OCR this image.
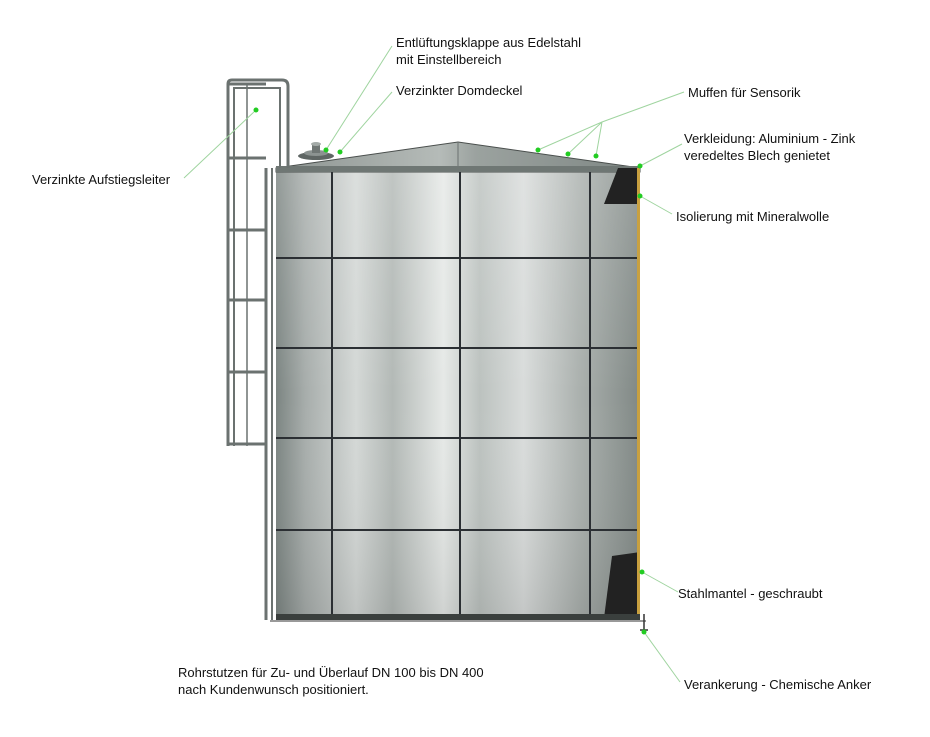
Entlüftungsklappe aus Edelstahl
mit Einstellbereich
Verzinkter Domdeckel	Muffen für Sensorik
Verkleidung: Aluminium - Zink
veredeltes Blech genietet
Verzinkte Aufstiegsleiter
Isolierung mit Mineralwolle
Stahlmantel - geschraubt
Verankerung - Chemische Anker
Rohrstutzen für Zu- und Überlauf DN 100 bis DN 400
nach Kundenwunsch positioniert.
